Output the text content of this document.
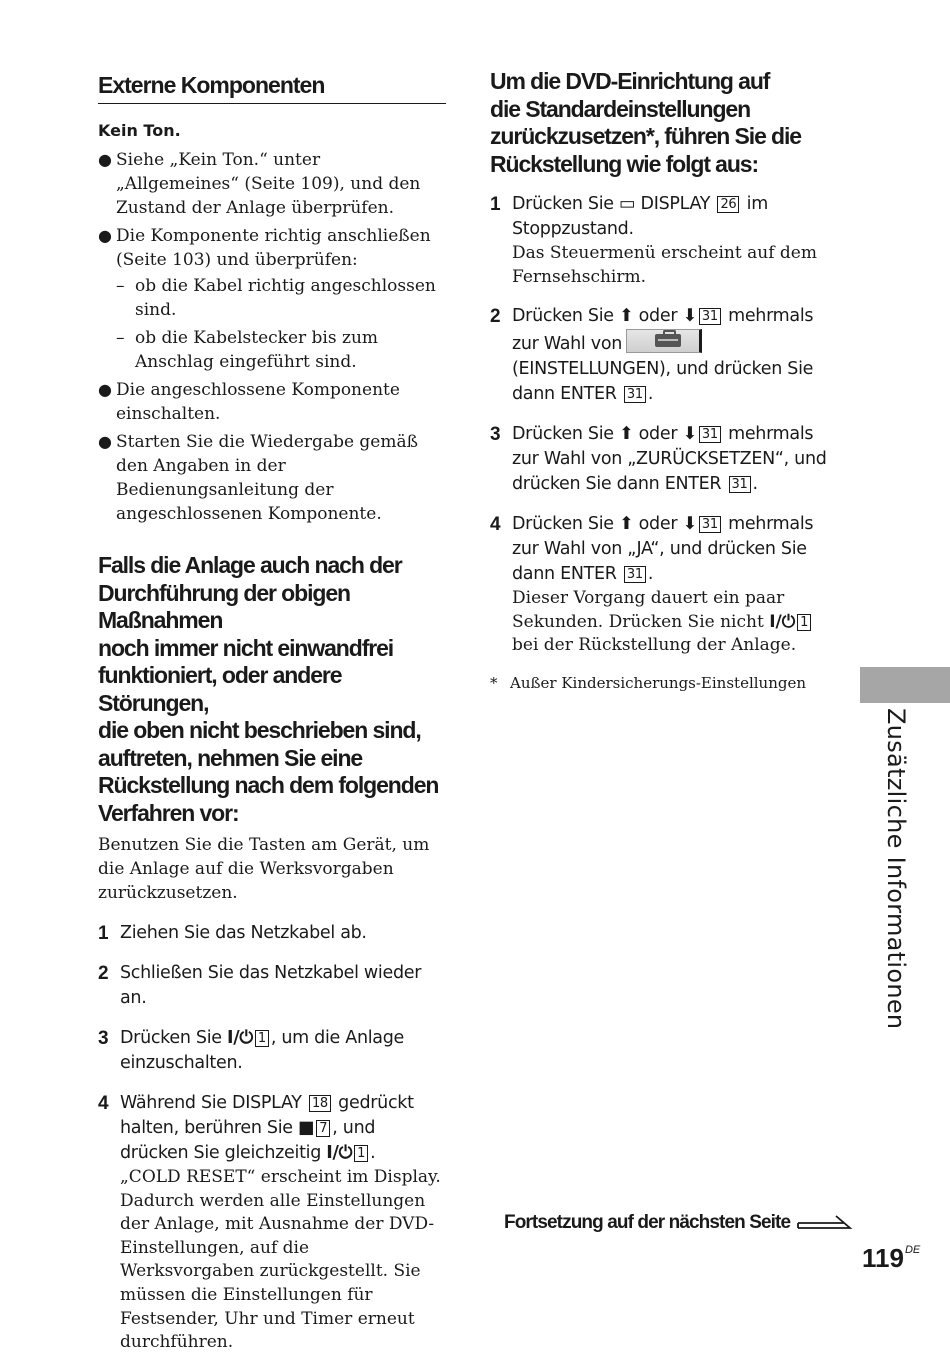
Externe Komponenten
Kein Ton.
● Siehe „Kein Ton.“ unter „Allgemeines“ (Seite 109), und den Zustand der Anlage überprüfen.
● Die Komponente richtig anschließen (Seite 103) und überprüfen:
– ob die Kabel richtig angeschlossen sind.
– ob die Kabelstecker bis zum Anschlag eingeführt sind.
● Die angeschlossene Komponente einschalten.
● Starten Sie die Wiedergabe gemäß den Angaben in der Bedienungsanleitung der angeschlossenen Komponente.
Falls die Anlage auch nach der
Durchführung der obigen Maßnahmen
noch immer nicht einwandfrei
funktioniert, oder andere Störungen,
die oben nicht beschrieben sind,
auftreten, nehmen Sie eine
Rückstellung nach dem folgenden
Verfahren vor:

Benutzen Sie die Tasten am Gerät, um die Anlage auf die Werksvorgaben zurückzusetzen.

1 Ziehen Sie das Netzkabel ab.
2 Schließen Sie das Netzkabel wieder an.
3 Drücken Sie I/⏻ 1 , um die Anlage einzuschalten.
4 Während Sie DISPLAY 18 gedrückt halten, berühren Sie ■ 7 , und drücken Sie gleichzeitig I/⏻ 1 .
„COLD RESET“ erscheint im Display. Dadurch werden alle Einstellungen der Anlage, mit Ausnahme der DVD-Einstellungen, auf die Werksvorgaben zurückgestellt. Sie müssen die Einstellungen für Festsender, Uhr und Timer erneut durchführen.
Um die DVD-Einrichtung auf
die Standardeinstellungen
zurückzusetzen*, führen Sie die
Rückstellung wie folgt aus:
1 Drücken Sie ▭ DISPLAY 26 im Stoppzustand.
Das Steuermenü erscheint auf dem Fernsehschirm.
2 Drücken Sie ⬆ oder ⬇ 31 mehrmals zur Wahl von
(EINSTELLUNGEN), und drücken Sie dann ENTER 31 .
3 Drücken Sie ⬆ oder ⬇ 31 mehrmals zur Wahl von „ZURÜCKSETZEN“, und drücken Sie dann ENTER 31 .
4 Drücken Sie ⬆ oder ⬇ 31 mehrmals zur Wahl von „JA“, und drücken Sie dann ENTER 31 .
Dieser Vorgang dauert ein paar Sekunden. Drücken Sie nicht I/⏻ 1 bei der Rückstellung der Anlage.
* Außer Kindersicherungs-Einstellungen
Zusätzliche Informationen
Fortsetzung auf der nächsten Seite
119DE
